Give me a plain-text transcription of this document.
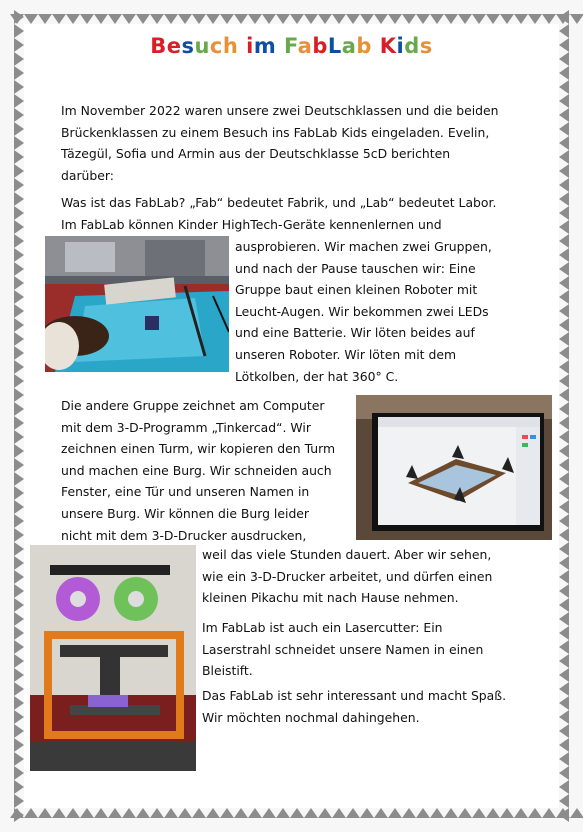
Besuch im FabLab Kids
Im November 2022 waren unsere zwei Deutschklassen und die beiden
Brückenklassen zu einem Besuch ins FabLab Kids eingeladen. Evelin,
Täzegül, Sofia und Armin aus der Deutschklasse 5cD berichten
darüber:
Was ist das FabLab? „Fab“ bedeutet Fabrik, und „Lab“ bedeutet Labor.
Im FabLab können Kinder HighTech-Geräte kennenlernen und
ausprobieren. Wir machen zwei Gruppen,
und nach der Pause tauschen wir: Eine
Gruppe baut einen kleinen Roboter mit
Leucht-Augen. Wir bekommen zwei LEDs
und eine Batterie. Wir löten beides auf
unseren Roboter. Wir löten mit dem
Lötkolben, der hat 360° C.
Die andere Gruppe zeichnet am Computer
mit dem 3-D-Programm „Tinkercad“. Wir
zeichnen einen Turm, wir kopieren den Turm
und machen eine Burg. Wir schneiden auch
Fenster, eine Tür und unseren Namen in
unsere Burg. Wir können die Burg leider
nicht mit dem 3-D-Drucker ausdrucken,
weil das viele Stunden dauert. Aber wir sehen,
wie ein 3-D-Drucker arbeitet, und dürfen einen
kleinen Pikachu mit nach Hause nehmen.
Im FabLab ist auch ein Lasercutter: Ein
Laserstrahl schneidet unsere Namen in einen
Bleistift.
Das FabLab ist sehr interessant und macht Spaß.
Wir möchten nochmal dahingehen.
